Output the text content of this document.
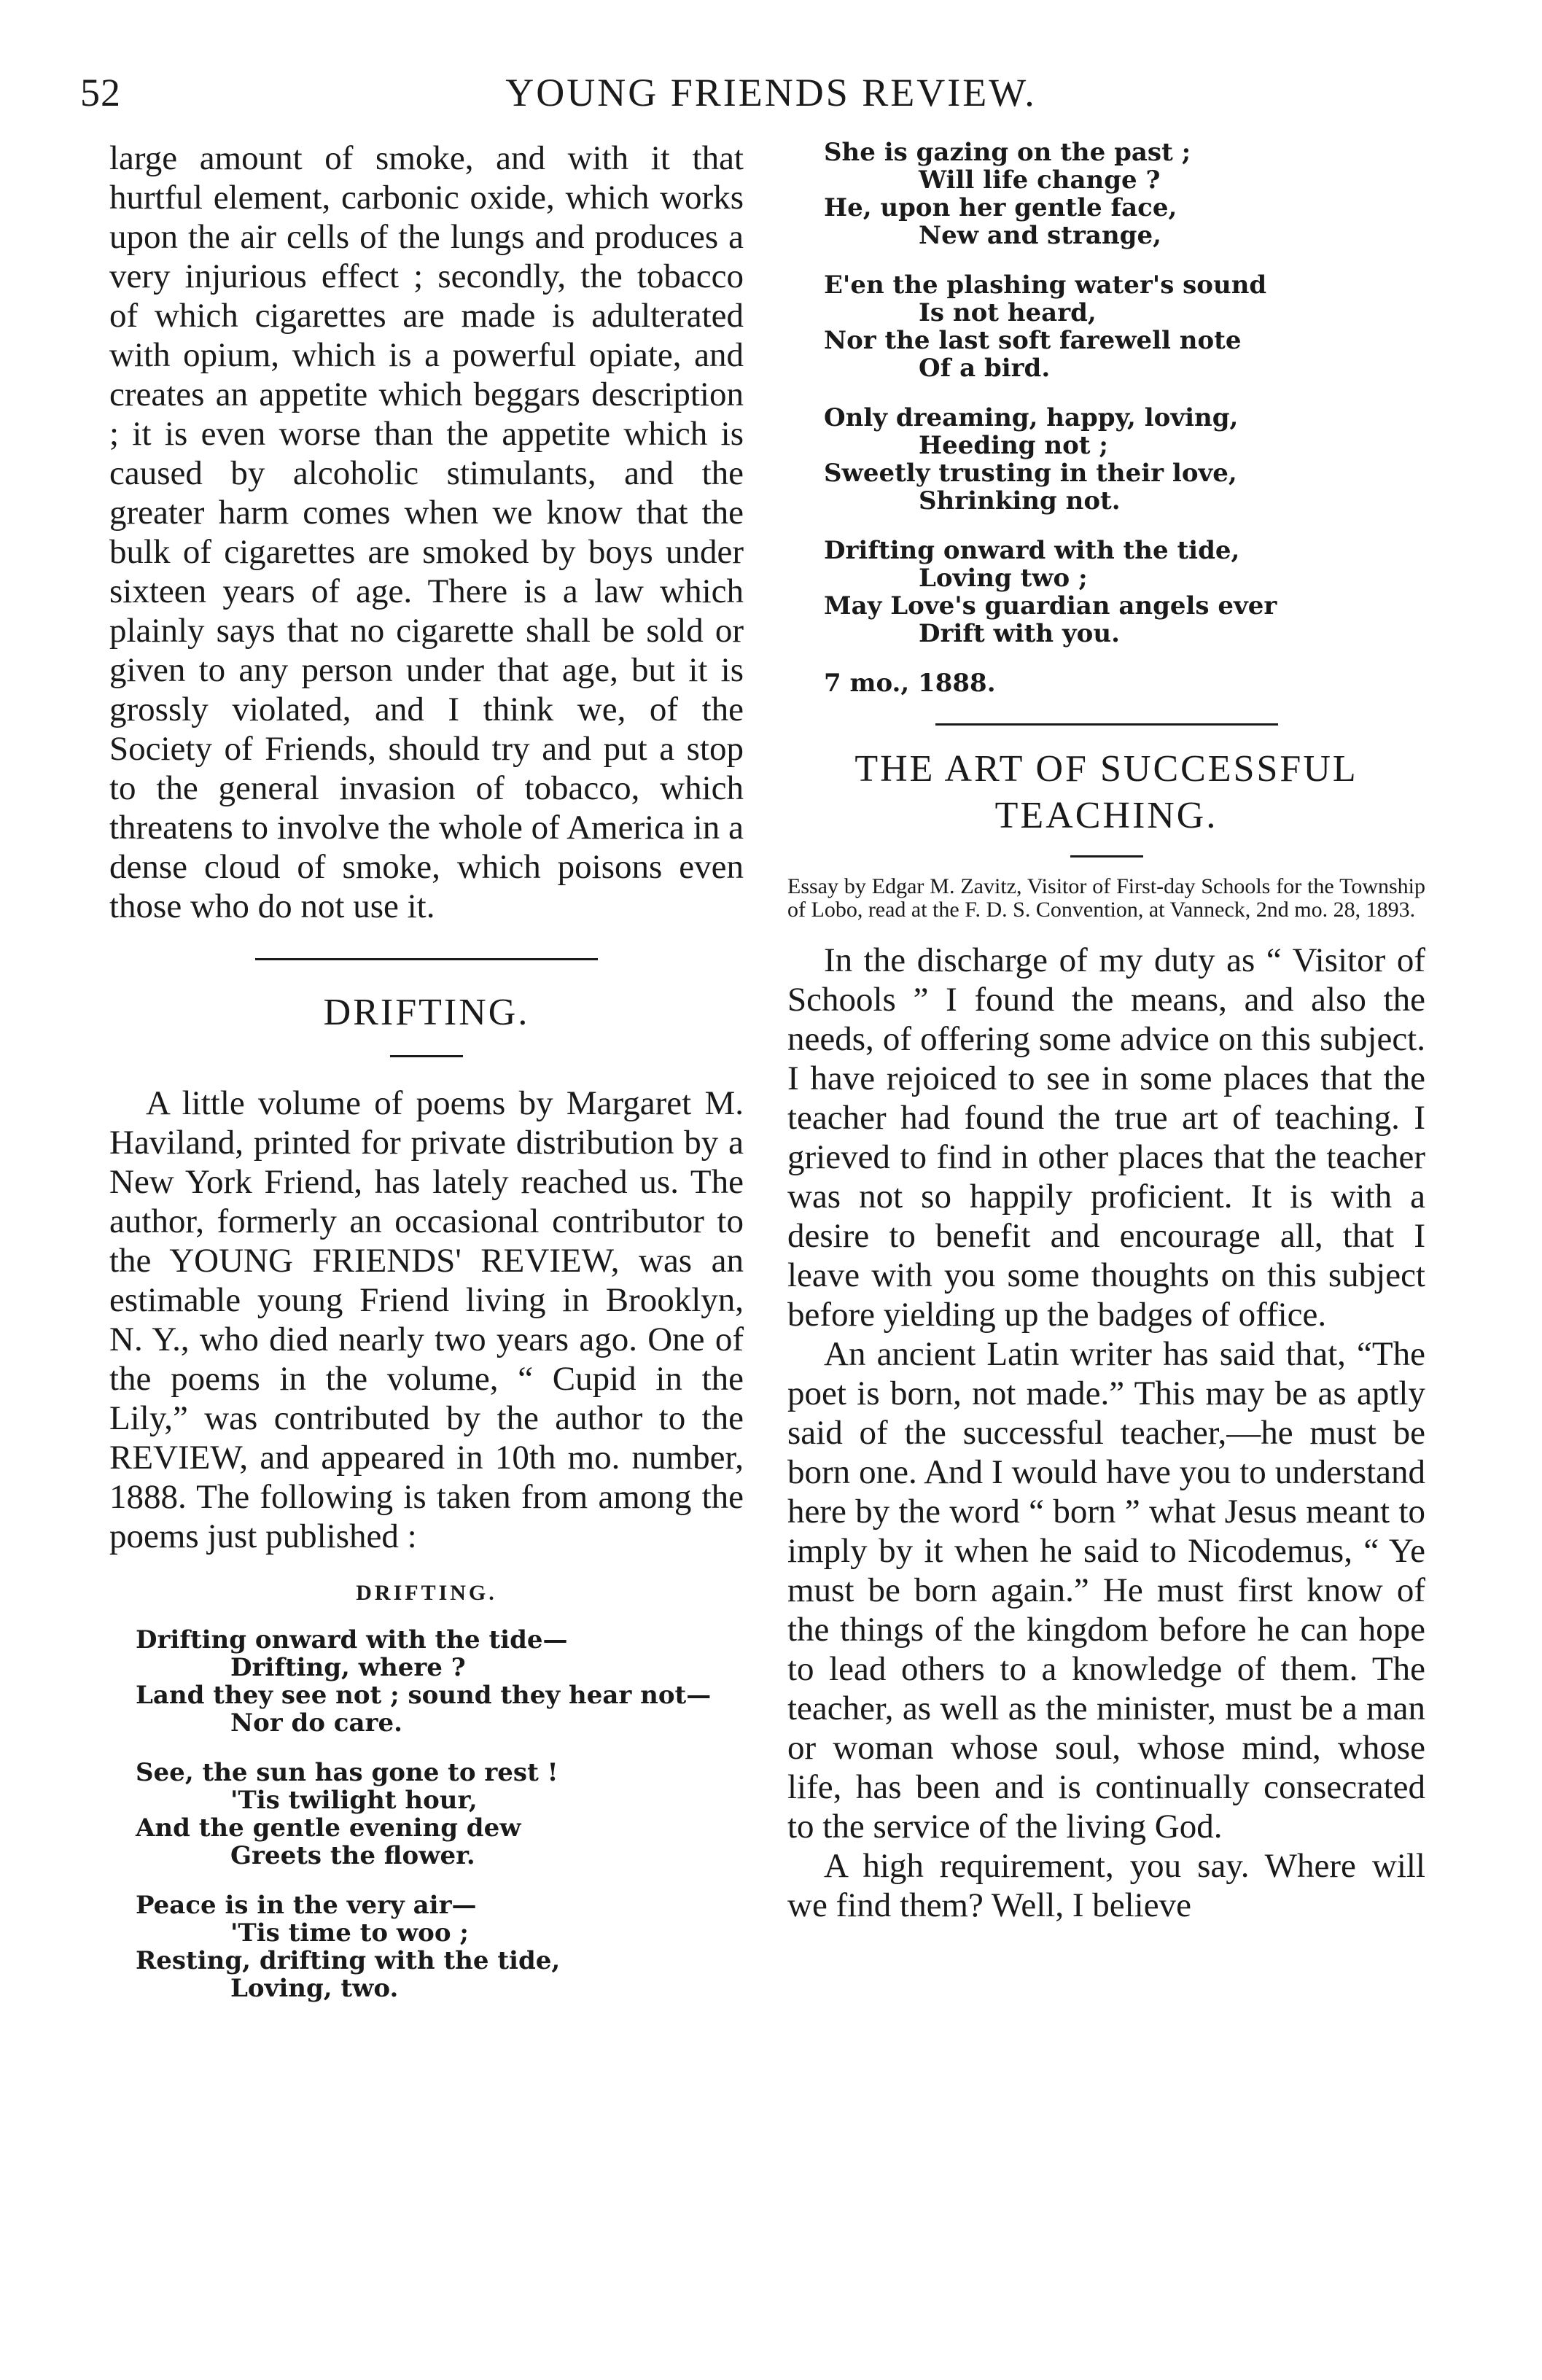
52	YOUNG FRIENDS REVIEW.

large amount of smoke, and with it that hurtful element, carbonic oxide, which works upon the air cells of the lungs and produces a very injurious effect ; secondly, the tobacco of which cigarettes are made is adulterated with opium, which is a powerful opiate, and creates an appetite which beggars description ; it is even worse than the appetite which is caused by alcoholic stimulants, and the greater harm comes when we know that the bulk of cigarettes are smoked by boys under sixteen years of age. There is a law which plainly says that no cigarette shall be sold or given to any person under that age, but it is grossly violated, and I think we, of the Society of Friends, should try and put a stop to the general invasion of tobacco, which threatens to involve the whole of America in a dense cloud of smoke, which poisons even those who do not use it.

DRIFTING.

A little volume of poems by Margaret M. Haviland, printed for private distribution by a New York Friend, has lately reached us. The author, formerly an occasional contributor to the YOUNG FRIENDS' REVIEW, was an estimable young Friend living in Brooklyn, N. Y., who died nearly two years ago. One of the poems in the volume, “ Cupid in the Lily,” was contributed by the author to the REVIEW, and appeared in 10th mo. number, 1888. The following is taken from among the poems just published :

DRIFTING.
Drifting onward with the tide—
Drifting, where ?
Land they see not ; sound they hear not—
Nor do care.
See, the sun has gone to rest !
'Tis twilight hour,
And the gentle evening dew
Greets the flower.
Peace is in the very air—
'Tis time to woo ;
Resting, drifting with the tide,
Loving, two.
She is gazing on the past ;
Will life change ?
He, upon her gentle face,
New and strange,
E'en the plashing water's sound
Is not heard,
Nor the last soft farewell note
Of a bird.
Only dreaming, happy, loving,
Heeding not ;
Sweetly trusting in their love,
Shrinking not.
Drifting onward with the tide,
Loving two ;
May Love's guardian angels ever
Drift with you.
7 mo., 1888.
THE ART OF SUCCESSFUL
TEACHING.

Essay by Edgar M. Zavitz, Visitor of First-day Schools for the Township of Lobo, read at the F. D. S. Convention, at Vanneck, 2nd mo. 28, 1893.

In the discharge of my duty as “ Visitor of Schools ” I found the means, and also the needs, of offering some advice on this subject. I have rejoiced to see in some places that the teacher had found the true art of teaching. I grieved to find in other places that the teacher was not so happily proficient. It is with a desire to benefit and encourage all, that I leave with you some thoughts on this subject before yielding up the badges of office.

An ancient Latin writer has said that, “The poet is born, not made.” This may be as aptly said of the successful teacher,—he must be born one. And I would have you to understand here by the word “ born ” what Jesus meant to imply by it when he said to Nicodemus, “ Ye must be born again.” He must first know of the things of the kingdom before he can hope to lead others to a knowledge of them. The teacher, as well as the minister, must be a man or woman whose soul, whose mind, whose life, has been and is continually consecrated to the service of the living God.

A high requirement, you say. Where will we find them? Well, I believe
